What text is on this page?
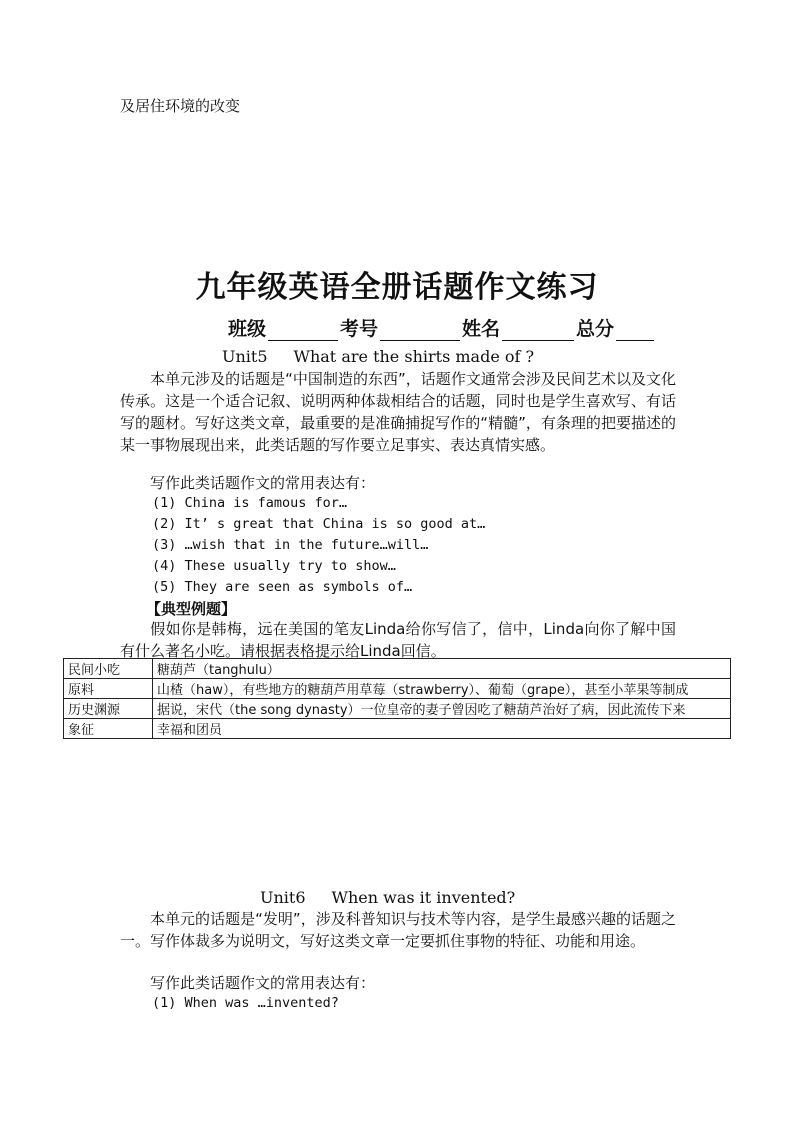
及居住环境的改变
九年级英语全册话题作文练习
班级	考号	姓名	总分
Unit5 What are the shirts made of ?
本单元涉及的话题是“中国制造的东西”，话题作文通常会涉及民间艺术以及文化传承。这是一个适合记叙、说明两种体裁相结合的话题，同时也是学生喜欢写、有话写的题材。写好这类文章，最重要的是准确捕捉写作的“精髓”，有条理的把要描述的某一事物展现出来，此类话题的写作要立足事实、表达真情实感。
写作此类话题作文的常用表达有：
(1) China is famous for…
(2) It’ s great that China is so good at…
(3) …wish that in the future…will…
(4) These usually try to show…
(5) They are seen as symbols of…
【典型例题】
假如你是韩梅，远在美国的笔友Linda给你写信了，信中，Linda向你了解中国有什么著名小吃。请根据表格提示给Linda回信。
民间小吃	糖葫芦（tanghulu）
原料	山楂（haw），有些地方的糖葫芦用草莓（strawberry）、葡萄（grape），甚至小苹果等制成
历史渊源	据说，宋代（the song dynasty）一位皇帝的妻子曾因吃了糖葫芦治好了病，因此流传下来
象征	幸福和团员
Unit6 When was it invented?
本单元的话题是“发明”，涉及科普知识与技术等内容，是学生最感兴趣的话题之一。写作体裁多为说明文，写好这类文章一定要抓住事物的特征、功能和用途。
写作此类话题作文的常用表达有：
(1) When was …invented?
